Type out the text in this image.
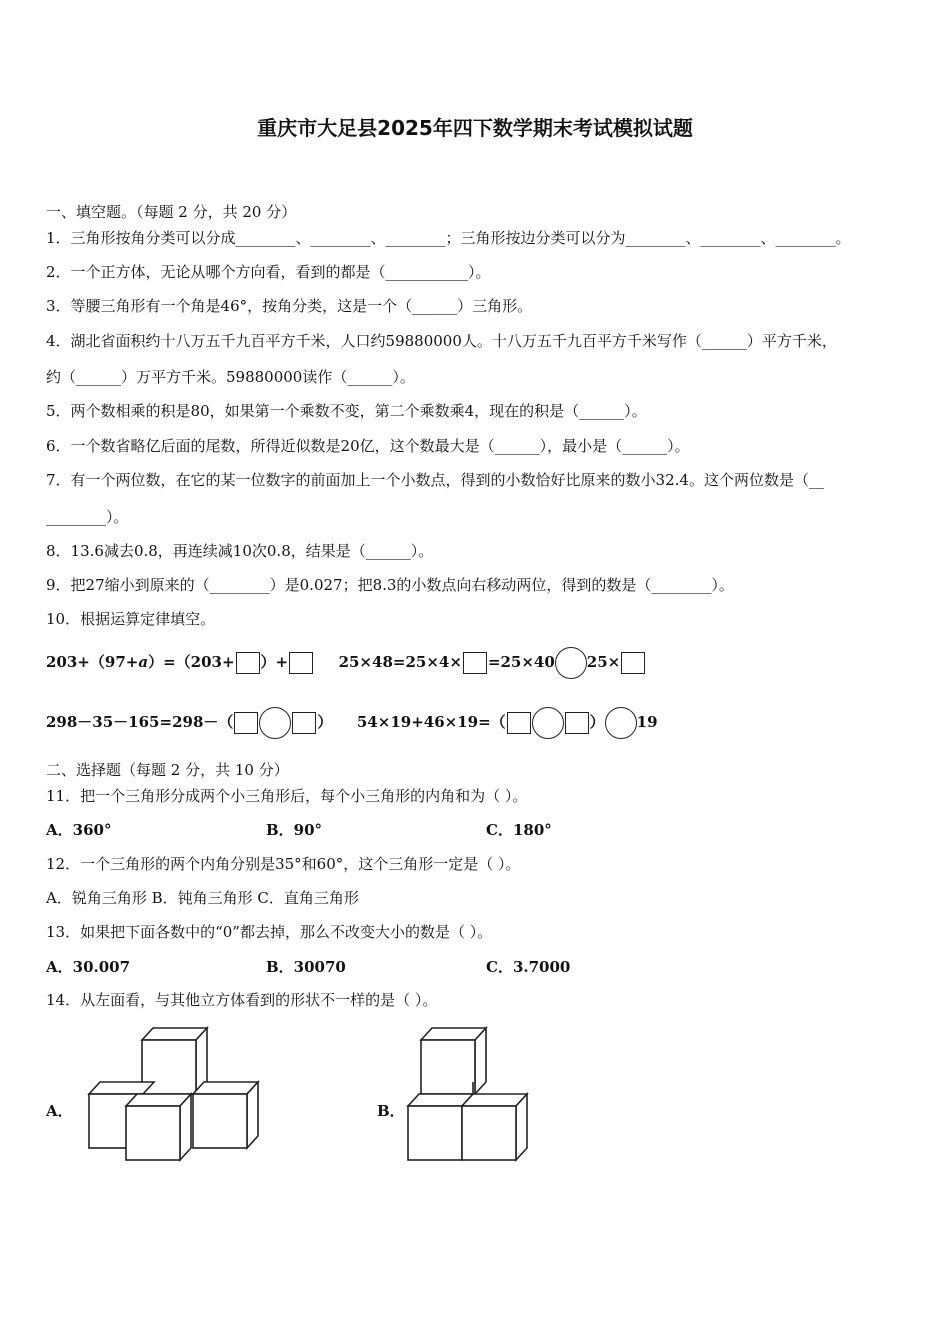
重庆市大足县2025年四下数学期末考试模拟试题
一、填空题。（每题 2 分，共 20 分）
1．三角形按角分类可以分成________、________、________；三角形按边分类可以分为________、________、________。
2．一个正方体，无论从哪个方向看，看到的都是（___________）。
3．等腰三角形有一个角是46°，按角分类，这是一个（______）三角形。
4．湖北省面积约十八万五千九百平方千米，人口约59880000人。十八万五千九百平方千米写作（______）平方千米，
约（______）万平方千米。59880000读作（______）。
5．两个数相乘的积是80，如果第一个乘数不变，第二个乘数乘4，现在的积是（______）。
6．一个数省略亿后面的尾数，所得近似数是20亿，这个数最大是（______），最小是（______）。
7．有一个两位数，在它的某一位数字的前面加上一个小数点，得到的小数恰好比原来的数小32.4。这个两位数是（__
________）。
8．13.6减去0.8，再连续减10次0.8，结果是（______）。
9．把27缩小到原来的（________）是0.027；把8.3的小数点向右移动两位，得到的数是（________）。
10．根据运算定律填空。
203+（97+a）=（203+ ）+	25×48=25×4× =25×40 25×
298－35－165=298－（	） 54×19+46×19=（	） 19
二、选择题（每题 2 分，共 10 分）
11．把一个三角形分成两个小三角形后，每个小三角形的内角和为（ ）。
A．360°	B．90°	C．180°
12．一个三角形的两个内角分别是35°和60°，这个三角形一定是（ ）。
A．锐角三角形 B．钝角三角形 C．直角三角形
13．如果把下面各数中的“0”都去掉，那么不改变大小的数是（ ）。
A．30.007	B．30070	C．3.7000
14．从左面看，与其他立方体看到的形状不一样的是（ ）。
A．	B．
